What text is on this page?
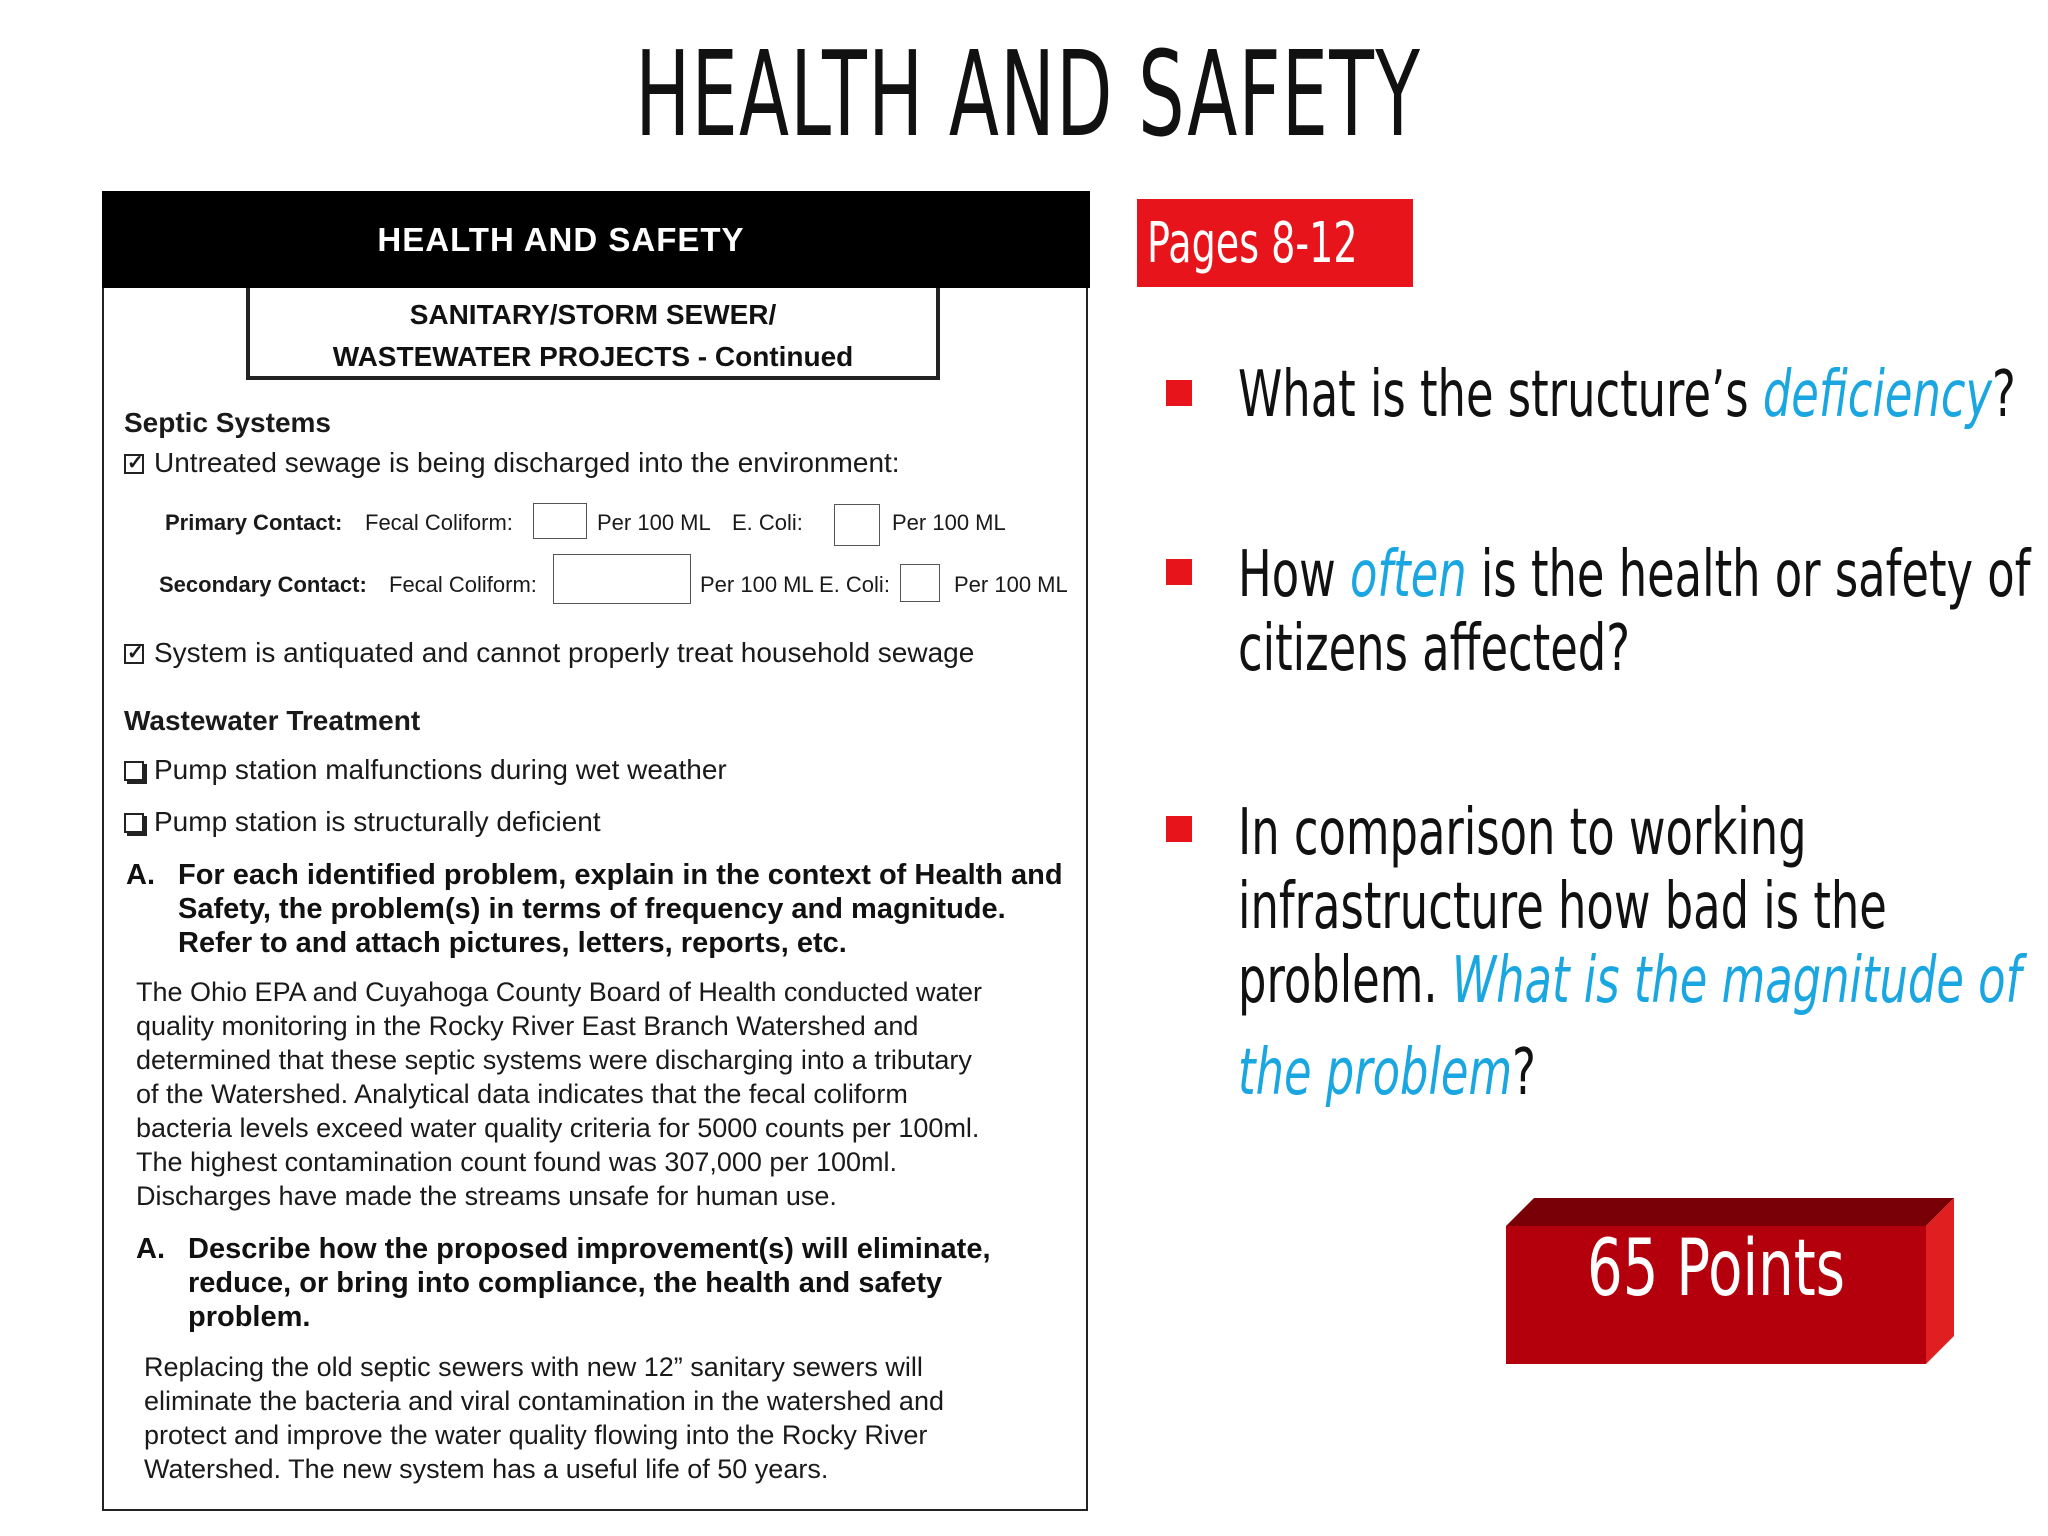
HEALTH AND SAFETY
HEALTH AND SAFETY
SANITARY/STORM SEWER/
WASTEWATER PROJECTS - Continued
Septic Systems
✓Untreated sewage is being discharged into the environment:
Primary Contact: Fecal Coliform:	Per 100 ML E. Coli:	Per 100 ML
Secondary Contact: Fecal Coliform:	Per 100 ML E. Coli:	Per 100 ML
✓System is antiquated and cannot properly treat household sewage
Wastewater Treatment
Pump station malfunctions during wet weather
Pump station is structurally deficient
A. For each identified problem, explain in the context of Health and Safety, the problem(s) in terms of frequency and magnitude. Refer to and attach pictures, letters, reports, etc.
The Ohio EPA and Cuyahoga County Board of Health conducted water
quality monitoring in the Rocky River East Branch Watershed and
determined that these septic systems were discharging into a tributary
of the Watershed. Analytical data indicates that the fecal coliform
bacteria levels exceed water quality criteria for 5000 counts per 100ml.
The highest contamination count found was 307,000 per 100ml.
Discharges have made the streams unsafe for human use.
A. Describe how the proposed improvement(s) will eliminate, reduce, or bring into compliance, the health and safety problem.
Replacing the old septic sewers with new 12” sanitary sewers will
eliminate the bacteria and viral contamination in the watershed and
protect and improve the water quality flowing into the Rocky River
Watershed. The new system has a useful life of 50 years.
Pages 8-12
What is the structure’s deficiency?
How often is the health or safety of
citizens affected?
In comparison to working
infrastructure how bad is the
problem. What is the magnitude of
the problem?
65 Points
